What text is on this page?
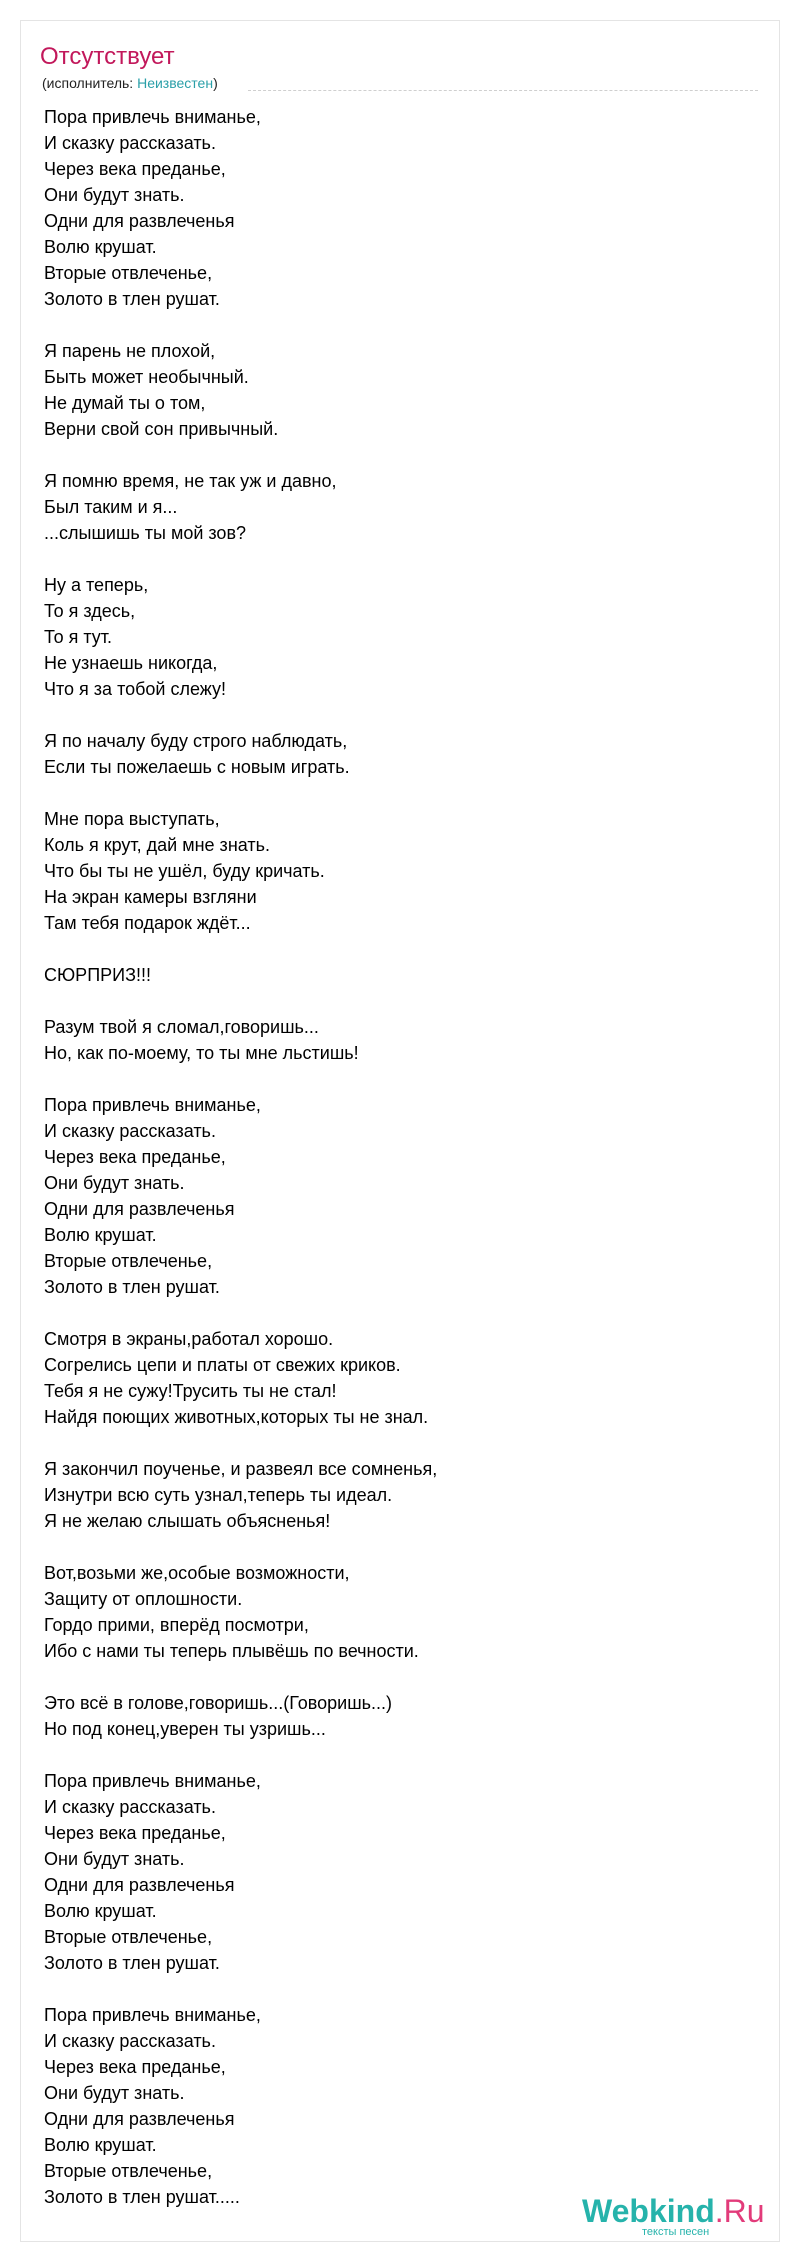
Отсутствует
(исполнитель: Неизвестен)
Пора привлечь вниманье,
И сказку рассказать.
Через века преданье,
Они будут знать.
Одни для развлеченья
Волю крушат.
Вторые отвлеченье,
Золото в тлен рушат.
Я парень не плохой,
Быть может необычный.
Не думай ты о том,
Верни свой сон привычный.
Я помню время, не так уж и давно,
Был таким и я...
...слышишь ты мой зов?
Ну а теперь,
То я здесь,
То я тут.
Не узнаешь никогда,
Что я за тобой слежу!
Я по началу буду строго наблюдать,
Если ты пожелаешь с новым играть.
Мне пора выступать,
Коль я крут, дай мне знать.
Что бы ты не ушёл, буду кричать.
На экран камеры взгляни
Там тебя подарок ждёт...
СЮРПРИЗ!!!
Разум твой я сломал,говоришь...
Но, как по-моему, то ты мне льстишь!
Пора привлечь вниманье,
И сказку рассказать.
Через века преданье,
Они будут знать.
Одни для развлеченья
Волю крушат.
Вторые отвлеченье,
Золото в тлен рушат.
Смотря в экраны,работал хорошо.
Согрелись цепи и платы от свежих криков.
Тебя я не сужу!Трусить ты не стал!
Найдя поющих животных,которых ты не знал.
Я закончил поученье, и развеял все сомненья,
Изнутри всю суть узнал,теперь ты идеал.
Я не желаю слышать объясненья!
Вот,возьми же,особые возможности,
Защиту от оплошности.
Гордо прими, вперёд посмотри,
Ибо с нами ты теперь плывёшь по вечности.
Это всё в голове,говоришь...(Говоришь...)
Но под конец,уверен ты узришь...
Пора привлечь вниманье,
И сказку рассказать.
Через века преданье,
Они будут знать.
Одни для развлеченья
Волю крушат.
Вторые отвлеченье,
Золото в тлен рушат.
Пора привлечь вниманье,
И сказку рассказать.
Через века преданье,
Они будут знать.
Одни для развлеченья
Волю крушат.
Вторые отвлеченье,
Золото в тлен рушат.....	Webkind.Ru
тексты песен
